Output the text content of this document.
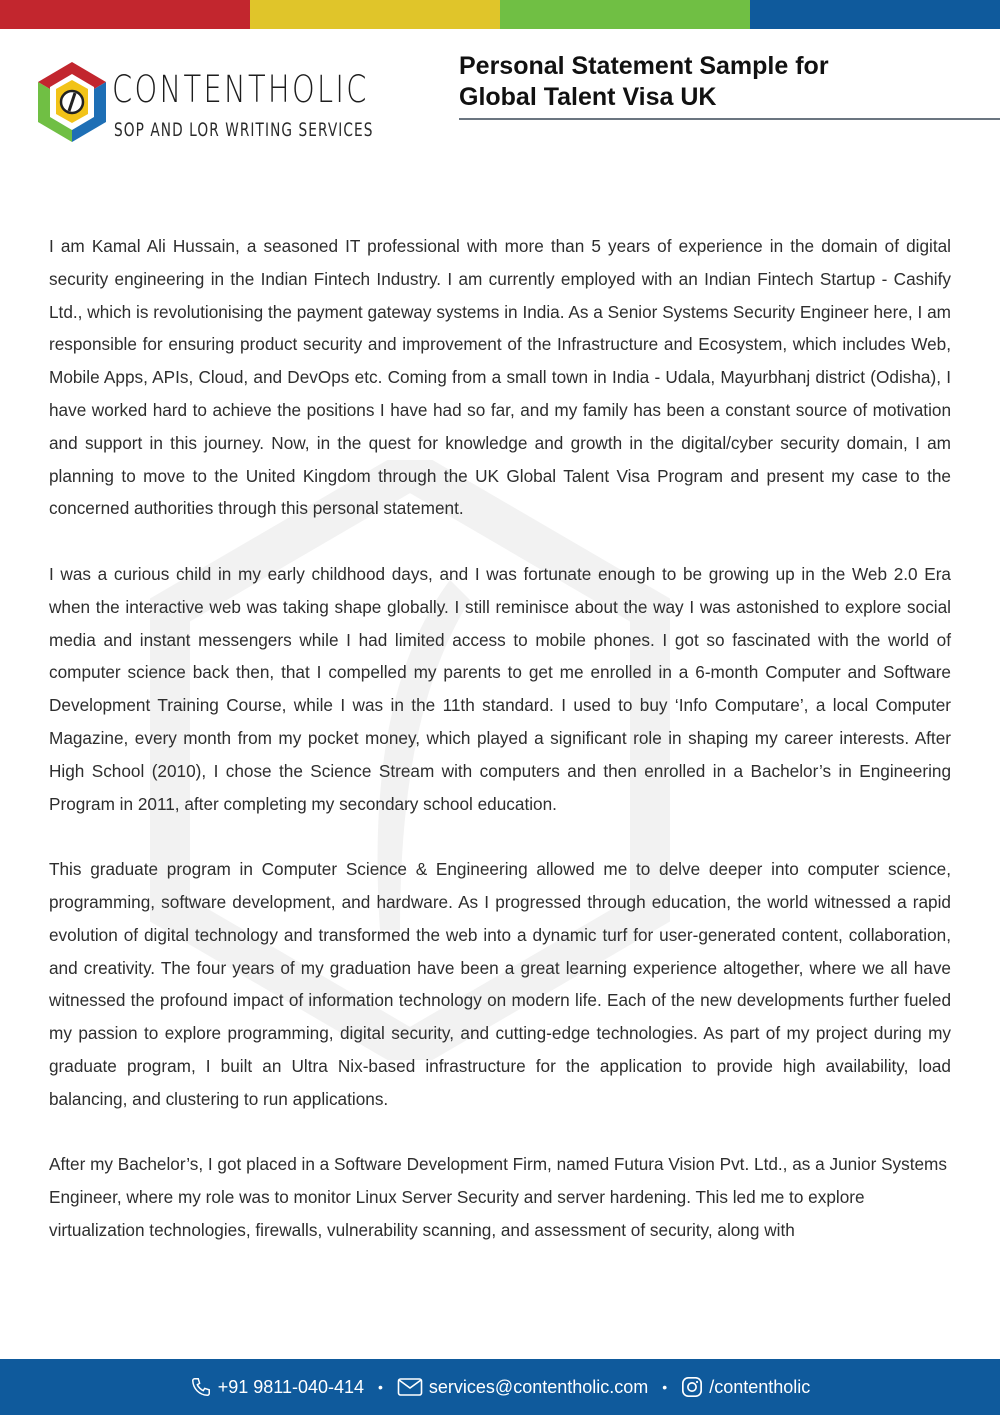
CONTENTHOLIC
SOP AND LOR WRITING SERVICES
Personal Statement Sample for
Global Talent Visa UK

I am Kamal Ali Hussain, a seasoned IT professional with more than 5 years of experience in the domain of digital security engineering in the Indian Fintech Industry. I am currently employed with an Indian Fintech Startup - Cashify Ltd., which is revolutionising the payment gateway systems in India. As a Senior Systems Security Engineer here, I am responsible for ensuring product security and improvement of the Infrastructure and Ecosystem, which includes Web, Mobile Apps, APIs, Cloud, and DevOps etc. Coming from a small town in India - Udala, Mayurbhanj district (Odisha), I have worked hard to achieve the positions I have had so far, and my family has been a constant source of motivation and support in this journey. Now, in the quest for knowledge and growth in the digital/cyber security domain, I am planning to move to the United Kingdom through the UK Global Talent Visa Program and present my case to the concerned authorities through this personal statement.

I was a curious child in my early childhood days, and I was fortunate enough to be growing up in the Web 2.0 Era when the interactive web was taking shape globally. I still reminisce about the way I was astonished to explore social media and instant messengers while I had limited access to mobile phones. I got so fascinated with the world of computer science back then, that I compelled my parents to get me enrolled in a 6-month Computer and Software Development Training Course, while I was in the 11th standard. I used to buy ‘Info Computare’, a local Computer Magazine, every month from my pocket money, which played a significant role in shaping my career interests. After High School (2010), I chose the Science Stream with computers and then enrolled in a Bachelor’s in Engineering Program in 2011, after completing my secondary school education.

This graduate program in Computer Science & Engineering allowed me to delve deeper into computer science, programming, software development, and hardware. As I progressed through education, the world witnessed a rapid evolution of digital technology and transformed the web into a dynamic turf for user-generated content, collaboration, and creativity. The four years of my graduation have been a great learning experience altogether, where we all have witnessed the profound impact of information technology on modern life. Each of the new developments further fueled my passion to explore programming, digital security, and cutting-edge technologies. As part of my project during my graduate program, I built an Ultra Nix-based infrastructure for the application to provide high availability, load balancing, and clustering to run applications.

After my Bachelor’s, I got placed in a Software Development Firm, named Futura Vision Pvt. Ltd., as a Junior Systems Engineer, where my role was to monitor Linux Server Security and server hardening. This led me to explore virtualization technologies, firewalls, vulnerability scanning, and assessment of security, along with

+91 9811-040-414 •	services@contentholic.com • /contentholic
